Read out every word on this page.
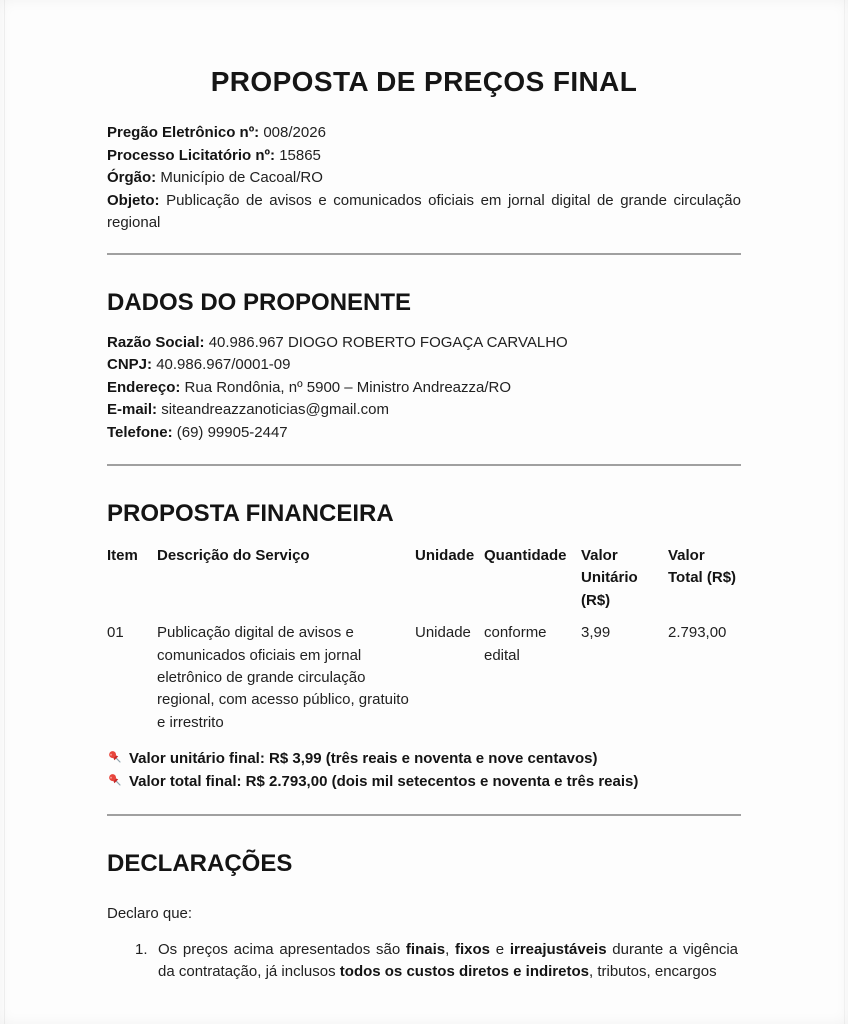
PROPOSTA DE PREÇOS FINAL
Pregão Eletrônico nº: 008/2026
Processo Licitatório nº: 15865
Órgão: Município de Cacoal/RO
Objeto: Publicação de avisos e comunicados oficiais em jornal digital de grande circulação regional
DADOS DO PROPONENTE
Razão Social: 40.986.967 DIOGO ROBERTO FOGAÇA CARVALHO
CNPJ: 40.986.967/0001-09
Endereço: Rua Rondônia, nº 5900 – Ministro Andreazza/RO
E-mail: siteandreazzanoticias@gmail.com
Telefone: (69) 99905-2447
PROPOSTA FINANCEIRA
Item	Descrição do Serviço	Unidade	Quantidade	Valor Unitário (R$)	Valor Total (R$)
01	Publicação digital de avisos e comunicados oficiais em jornal eletrônico de grande circulação regional, com acesso público, gratuito e irrestrito	Unidade	conforme edital	3,99	2.793,00
Valor unitário final: R$ 3,99 (três reais e noventa e nove centavos)
Valor total final: R$ 2.793,00 (dois mil setecentos e noventa e três reais)
DECLARAÇÕES
Declaro que:
1. Os preços acima apresentados são finais, fixos e irreajustáveis durante a vigência da contratação, já inclusos todos os custos diretos e indiretos, tributos, encargos
